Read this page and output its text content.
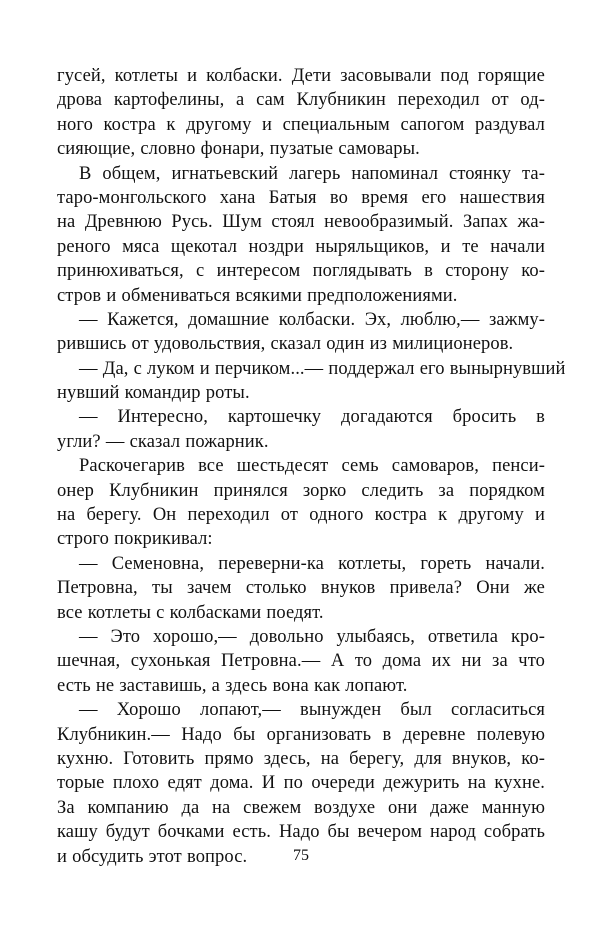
гусей, котлеты и колбаски. Дети засовывали под горящие
дрова картофелины, а сам Клубникин переходил от од-
ного костра к другому и специальным сапогом раздувал
сияющие, словно фонари, пузатые самовары.
В общем, игнатьевский лагерь напоминал стоянку та-
таро-монгольского хана Батыя во время его нашествия
на Древнюю Русь. Шум стоял невообразимый. Запах жа-
реного мяса щекотал ноздри ныряльщиков, и те начали
принюхиваться, с интересом поглядывать в сторону ко-
стров и обмениваться всякими предположениями.
— Кажется, домашние колбаски. Эх, люблю,— зажму-
рившись от удовольствия, сказал один из милиционеров.
— Да, с луком и перчиком...— поддержал его вынырнувший
нувший командир роты.
— Интересно, картошечку догадаются бросить в
угли? — сказал пожарник.
Раскочегарив все шестьдесят семь самоваров, пенси-
онер Клубникин принялся зорко следить за порядком
на берегу. Он переходил от одного костра к другому и
строго покрикивал:
— Семеновна, переверни-ка котлеты, гореть начали.
Петровна, ты зачем столько внуков привела? Они же
все котлеты с колбасками поедят.
— Это хорошо,— довольно улыбаясь, ответила кро-
шечная, сухонькая Петровна.— А то дома их ни за что
есть не заставишь, а здесь вона как лопают.
— Хорошо лопают,— вынужден был согласиться
Клубникин.— Надо бы организовать в деревне полевую
кухню. Готовить прямо здесь, на берегу, для внуков, ко-
торые плохо едят дома. И по очереди дежурить на кухне.
За компанию да на свежем воздухе они даже манную
кашу будут бочками есть. Надо бы вечером народ собрать
и обсудить этот вопрос.	75
